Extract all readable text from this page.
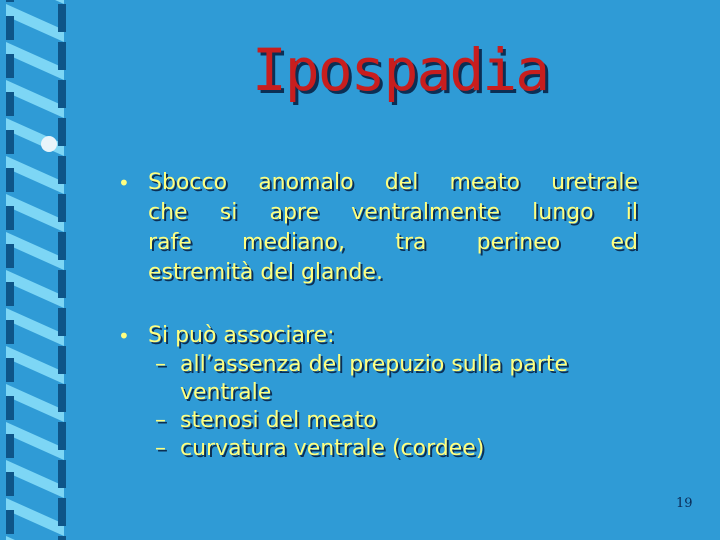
Ipospadia
• Sbocco anomalo del meato uretrale

che si apre ventralmente lungo il

rafe mediano, tra perineo ed

estremità del glande.

• Si può associare:

– all’assenza del prepuzio sulla parte
ventrale
– stenosi del meato
– curvatura ventrale (cordee)
19
